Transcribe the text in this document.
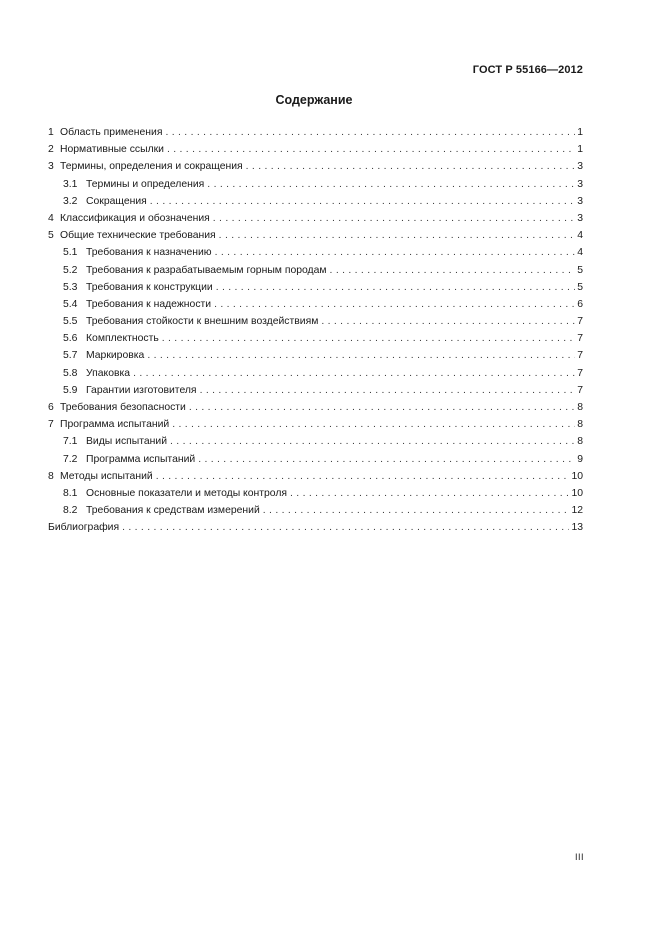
ГОСТ Р 55166—2012
Содержание
1 Область применения . . .	1
2 Нормативные ссылки . . .	1
3 Термины, определения и сокращения . . .	3
3.1 Термины и определения . . .	3
3.2 Сокращения . . .	3
4 Классификация и обозначения . . .	3
5 Общие технические требования . . .	4
5.1 Требования к назначению . . .	4
5.2 Требования к разрабатываемым горным породам . . .	5
5.3 Требования к конструкции . . .	5
5.4 Требования к надежности . . .	6
5.5 Требования стойкости к внешним воздействиям . . .	7
5.6 Комплектность . . .	7
5.7 Маркировка . . .	7
5.8 Упаковка . . .	7
5.9 Гарантии изготовителя . . .	7
6 Требования безопасности . . .	8
7 Программа испытаний . . .	8
7.1 Виды испытаний . . .	8
7.2 Программа испытаний . . .	9
8 Методы испытаний . . .	10
8.1 Основные показатели и методы контроля . . .	10
8.2 Требования к средствам измерений . . .	12
Библиография . . .	13
III
